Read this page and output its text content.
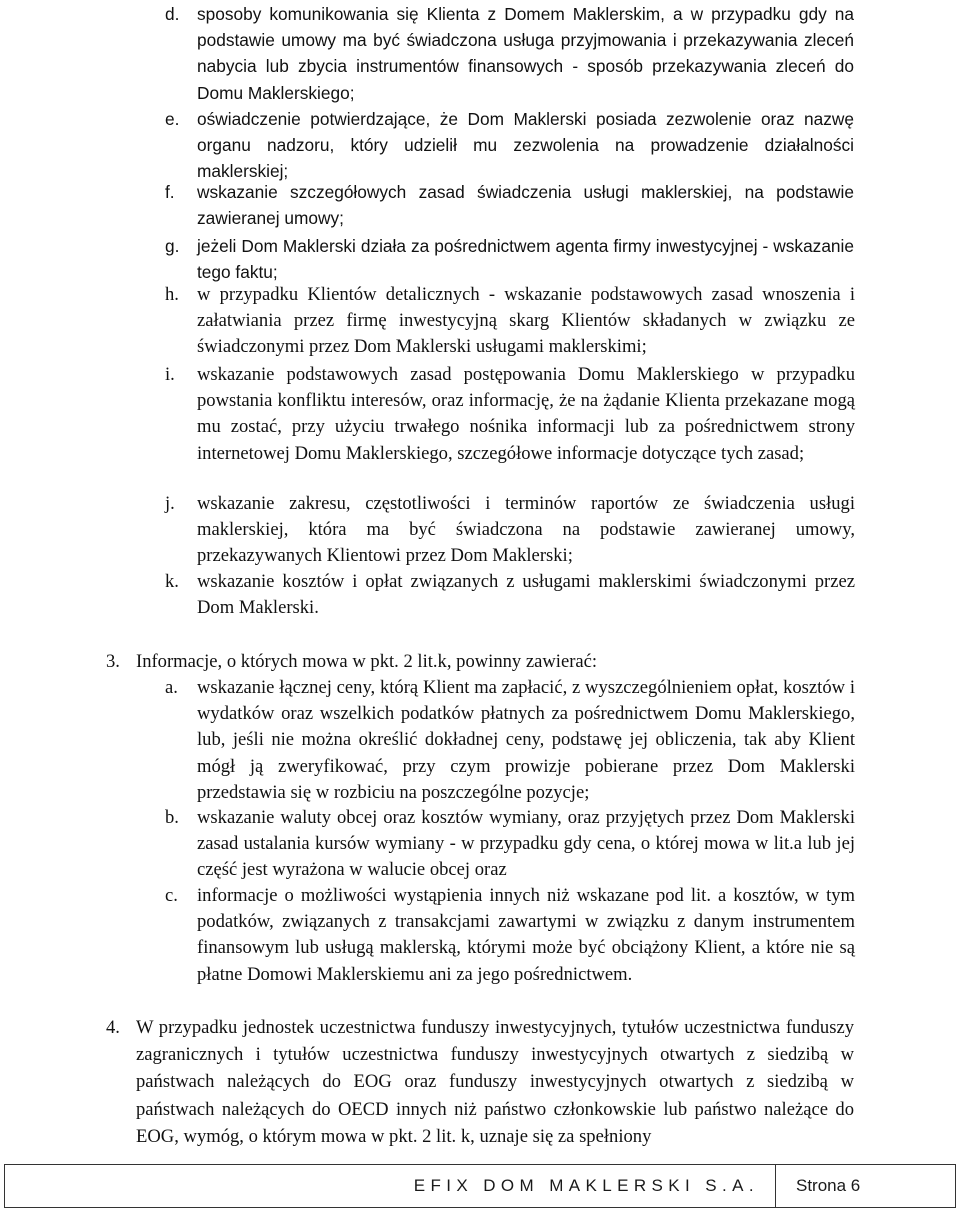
d.	sposoby komunikowania się Klienta z Domem Maklerskim, a w przypadku gdy na podstawie umowy ma być świadczona usługa przyjmowania i przekazywania zleceń nabycia lub zbycia instrumentów finansowych - sposób przekazywania zleceń do Domu Maklerskiego;
e.	oświadczenie potwierdzające, że Dom Maklerski posiada zezwolenie oraz nazwę organu nadzoru, który udzielił mu zezwolenia na prowadzenie działalności maklerskiej;
f.	wskazanie szczegółowych zasad świadczenia usługi maklerskiej, na podstawie zawieranej umowy;
g.	jeżeli Dom Maklerski działa za pośrednictwem agenta firmy inwestycyjnej - wskazanie tego faktu;
h. w przypadku Klientów detalicznych - wskazanie podstawowych zasad wnoszenia i załatwiania przez firmę inwestycyjną skarg Klientów składanych w związku ze świadczonymi przez Dom Maklerski usługami maklerskimi;
i.	wskazanie podstawowych zasad postępowania Domu Maklerskiego w przypadku powstania konfliktu interesów, oraz informację, że na żądanie Klienta przekazane mogą mu zostać, przy użyciu trwałego nośnika informacji lub za pośrednictwem strony internetowej Domu Maklerskiego, szczegółowe informacje dotyczące tych zasad;
j.	wskazanie zakresu, częstotliwości i terminów raportów ze świadczenia usługi maklerskiej, która ma być świadczona na podstawie zawieranej umowy, przekazywanych Klientowi przez Dom Maklerski;
k. wskazanie kosztów i opłat związanych z usługami maklerskimi świadczonymi przez Dom Maklerski.
3. Informacje, o których mowa w pkt. 2 lit.k, powinny zawierać:
a.	wskazanie łącznej ceny, którą Klient ma zapłacić, z wyszczególnieniem opłat, kosztów i wydatków oraz wszelkich podatków płatnych za pośrednictwem Domu Maklerskiego, lub, jeśli nie można określić dokładnej ceny, podstawę jej obliczenia, tak aby Klient mógł ją zweryfikować, przy czym prowizje pobierane przez Dom Maklerski przedstawia się w rozbiciu na poszczególne pozycje;
b. wskazanie waluty obcej oraz kosztów wymiany, oraz przyjętych przez Dom Maklerski zasad ustalania kursów wymiany - w przypadku gdy cena, o której mowa w lit.a lub jej część jest wyrażona w walucie obcej oraz
c.	informacje o możliwości wystąpienia innych niż wskazane pod lit. a kosztów, w tym podatków, związanych z transakcjami zawartymi w związku z danym instrumentem finansowym lub usługą maklerską, którymi może być obciążony Klient, a które nie są płatne Domowi Maklerskiemu ani za jego pośrednictwem.
4. W przypadku jednostek uczestnictwa funduszy inwestycyjnych, tytułów uczestnictwa funduszy zagranicznych i tytułów uczestnictwa funduszy inwestycyjnych otwartych z siedzibą w państwach należących do EOG oraz funduszy inwestycyjnych otwartych z siedzibą w państwach należących do OECD innych niż państwo członkowskie lub państwo należące do EOG, wymóg, o którym mowa w pkt. 2 lit. k, uznaje się za spełniony
EFIX DOM MAKLERSKI S.A.	Strona 6
